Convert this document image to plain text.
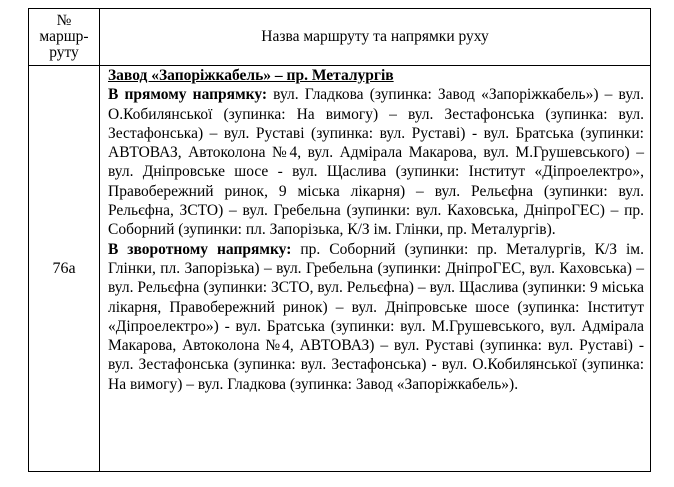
№
маршр-
руту	Назва маршруту та напрямки руху
76а	Завод «Запоріжкабель» – пр. Металургів

В прямому напрямку: вул. Гладкова (зупинка: Завод «Запоріжкабель») – вул. О.Кобилянської (зупинка: На вимогу) – вул. Зестафонська (зупинка: вул. Зестафонська) – вул. Руставі (зупинка: вул. Руставі) - вул. Братська (зупинки: АВТОВАЗ, Автоколона №4, вул. Адмірала Макарова, вул. М.Грушевського) – вул. Дніпровське шосе - вул. Щаслива (зупинки: Інститут «Діпроелектро», Правобережний ринок, 9 міська лікарня) – вул. Рельєфна (зупинки: вул. Рельєфна, ЗСТО) – вул. Гребельна (зупинки: вул. Каховська, ДніпроГЕС) – пр. Соборний (зупинки: пл. Запорізька, К/З ім. Глінки, пр. Металургів).

В зворотному напрямку: пр. Соборний (зупинки: пр. Металургів, К/З ім. Глінки, пл. Запорізька) – вул. Гребельна (зупинки: ДніпроГЕС, вул. Каховська) – вул. Рельєфна (зупинки: ЗСТО, вул. Рельєфна) – вул. Щаслива (зупинки: 9 міська лікарня, Правобережний ринок) – вул. Дніпровське шосе (зупинка: Інститут «Діпроелектро») - вул. Братська (зупинки: вул. М.Грушевського, вул. Адмірала Макарова, Автоколона №4, АВТОВАЗ) – вул. Руставі (зупинка: вул. Руставі) - вул. Зестафонська (зупинка: вул. Зестафонська) - вул. О.Кобилянської (зупинка: На вимогу) – вул. Гладкова (зупинка: Завод «Запоріжкабель»).
